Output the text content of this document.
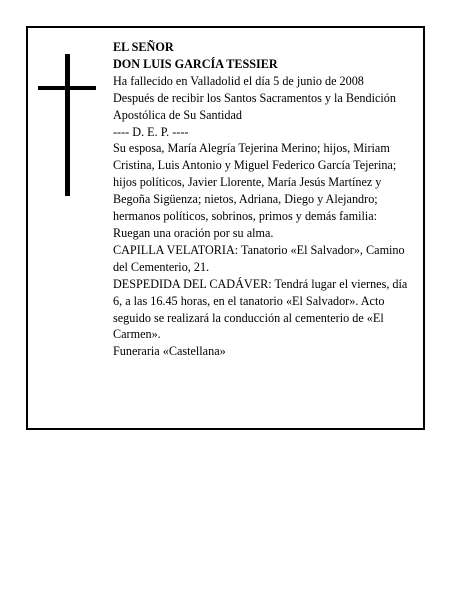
EL SEÑOR

DON LUIS GARCÍA TESSIER

Ha fallecido en Valladolid el día 5 de junio de 2008

Después de recibir los Santos Sacramentos y la Bendición Apostólica de Su Santidad

---- D. E. P. ----

Su esposa, María Alegría Tejerina Merino; hijos, Miriam Cristina, Luis Antonio y Miguel Federico García Tejerina; hijos políticos, Javier Llorente, María Jesús Martínez y Begoña Sigüenza; nietos, Adriana, Diego y Alejandro; hermanos políticos, sobrinos, primos y demás familia:

Ruegan una oración por su alma.

CAPILLA VELATORIA: Tanatorio «El Salvador», Camino del Cementerio, 21.

DESPEDIDA DEL CADÁVER: Tendrá lugar el viernes, día 6, a las 16.45 horas, en el tanatorio «El Salvador». Acto seguido se realizará la conducción al cementerio de «El Carmen».

Funeraria «Castellana»
